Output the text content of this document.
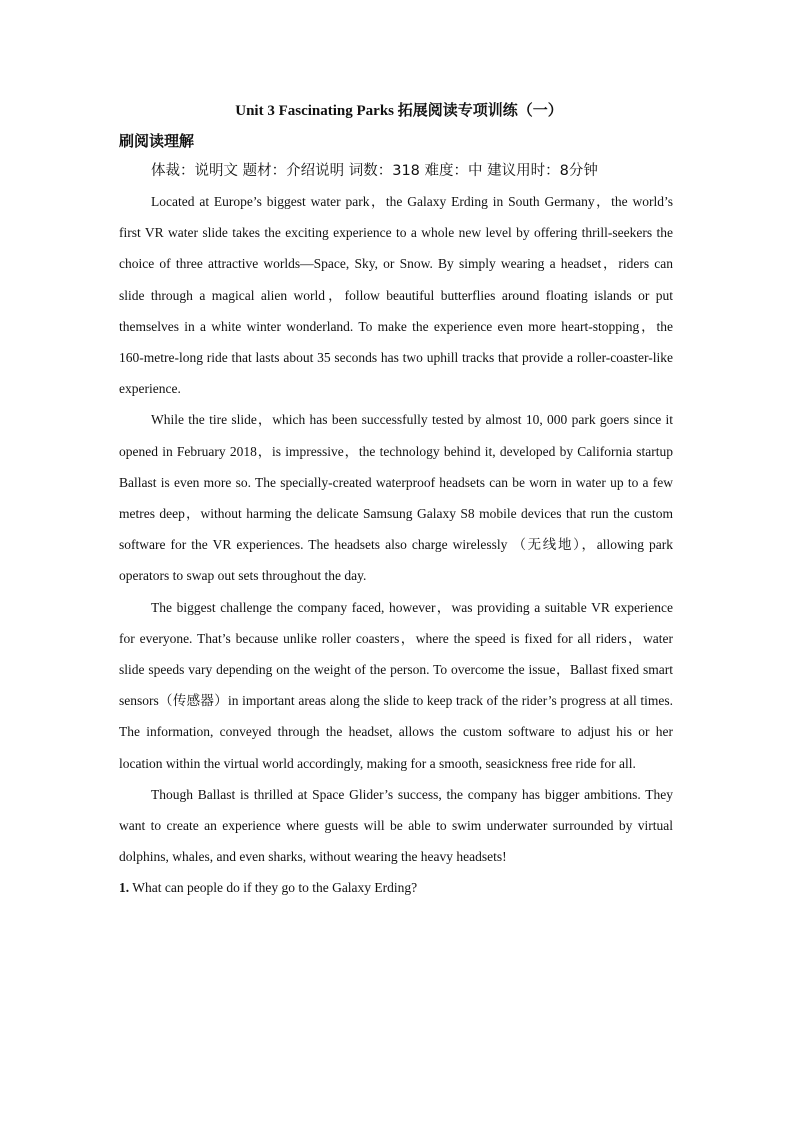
Unit 3 Fascinating Parks 拓展阅读专项训练（一）
刷阅读理解
体裁：说明文 题材：介绍说明 词数：318 难度：中 建议用时：8分钟

Located at Europe’s biggest water park，the Galaxy Erding in South Germany，the world’s first VR water slide takes the exciting experience to a whole new level by offering thrill-seekers the choice of three attractive worlds—Space, Sky, or Snow. By simply wearing a headset，riders can slide through a magical alien world，follow beautiful butterflies around floating islands or put themselves in a white winter wonderland. To make the experience even more heart-stopping，the 160-metre-long ride that lasts about 35 seconds has two uphill tracks that provide a roller-coaster-like experience.

While the tire slide，which has been successfully tested by almost 10, 000 park goers since it opened in February 2018，is impressive，the technology behind it, developed by California startup Ballast is even more so. The specially-created waterproof headsets can be worn in water up to a few metres deep，without harming the delicate Samsung Galaxy S8 mobile devices that run the custom software for the VR experiences. The headsets also charge wirelessly （无线地），allowing park operators to swap out sets throughout the day.

The biggest challenge the company faced, however，was providing a suitable VR experience for everyone. That’s because unlike roller coasters，where the speed is fixed for all riders，water slide speeds vary depending on the weight of the person. To overcome the issue，Ballast fixed smart sensors（传感器）in important areas along the slide to keep track of the rider’s progress at all times. The information, conveyed through the headset, allows the custom software to adjust his or her location within the virtual world accordingly, making for a smooth, seasickness free ride for all.

Though Ballast is thrilled at Space Glider’s success, the company has bigger ambitions. They want to create an experience where guests will be able to swim underwater surrounded by virtual dolphins, whales, and even sharks, without wearing the heavy headsets!

1. What can people do if they go to the Galaxy Erding?
